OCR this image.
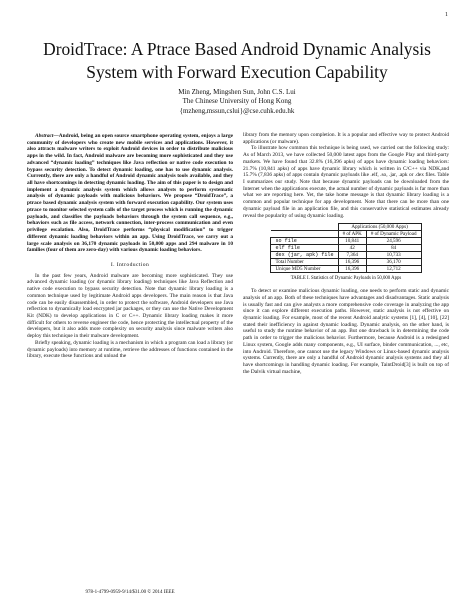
1
DroidTrace: A Ptrace Based Android Dynamic Analysis System with Forward Execution Capability
Min Zheng, Mingshen Sun, John C.S. Lui
The Chinese University of Hong Kong
{mzheng,mssun,cslui}@cse.cuhk.edu.hk

Abstract—Android, being an open source smartphone operating system, enjoys a large community of developers who create new mobile services and applications. However, it also attracts malware writers to exploit Android devices in order to distribute malicious apps in the wild. In fact, Android malware are becoming more sophisticated and they use advanced “dynamic loading” techniques like Java reflection or native code execution to bypass security detection. To detect dynamic loading, one has to use dynamic analysis. Currently, there are only a handful of Android dynamic analysis tools available, and they all have shortcomings in detecting dynamic loading. The aim of this paper is to design and implement a dynamic analysis system which allows analysts to perform systematic analysis of dynamic payloads with malicious behaviors. We propose “DroidTrace”, a ptrace based dynamic analysis system with forward execution capability. Our system uses ptrace to monitor selected system calls of the target process which is running the dynamic payloads, and classifies the payloads behaviors through the system call sequence, e.g., behaviors such as file access, network connection, inter-process communication and even privilege escalation. Also, DroidTrace performs “physical modification” to trigger different dynamic loading behaviors within an app. Using DroidTrace, we carry out a large scale analysis on 36,170 dynamic payloads in 50,000 apps and 294 malware in 10 families (four of them are zero-day) with various dynamic loading behaviors.

I. Introduction

In the past few years, Android malware are becoming more sophisticated. They use advanced dynamic loading (or dynamic library loading) techniques like Java Reflection and native code execution to bypass security detection. Note that dynamic library loading is a common technique used by legitimate Android apps developers. The main reason is that Java code can be easily disassembled, in order to protect the software, Android developers use Java reflection to dynamically load encrypted jar packages, or they can use the Native Development Kit (NDK) to develop applications in C or C++. Dynamic library loading makes it more difficult for others to reverse engineer the code, hence protecting the intellectual property of the developers, but it also adds more complexity on security analysis since malware writers also deploy this technique in their malware development.

Briefly speaking, dynamic loading is a mechanism in which a program can load a library (or dynamic payloads) into memory at runtime, retrieve the addresses of functions contained in the library, execute these functions and unload the

978-1-4799-0959-9/14/$31.00 © 2014 IEEE

library from the memory upon completion. It is a popular and effective way to protect Android applications (or malware).

To illustrate how common this technique is being used, we carried out the following study: As of March 2013, we have collected 50,000 latest apps from the Google Play and third-party markets. We have found that 32.8% (16,396 apks) of apps have dynamic loading behaviors: 21.7% (10,841 apks) of apps have dynamic library which is written in C/C++ via NDK,and 15.7% (7,836 apks) of apps contain dynamic payloads like .elf, .so, .jar, .apk or .dex files. Table I summarizes our study. Note that because dynamic payloads can be downloaded from the Internet when the applications execute, the actual number of dynamic payloads is far more than what we are reporting here. Yet, the take home message is that dynamic library loading is a common and popular technique for app development. Note that there can be more than one dynamic payload file in an application file, and this conservative statistical estimates already reveal the popularity of using dynamic loading.

	Applications (50,000 Apps)	
	# of APK	# of Dynamic Payload
so file	10,841	24,596
elf file	42	84
dex (jar, apk) file	7,364	10,733
Total Number	16,396	36,170
Unique MD5 Number	16,396	12,712
TABLE I. Statistics of Dynamic Payloads in 50,000 Apps

To detect or examine malicious dynamic loading, one needs to perform static and dynamic analysis of an app. Both of these techniques have advantages and disadvantages. Static analysis is usually fast and can give analysts a more comprehensive code coverage in analyzing the app since it can explore different execution paths. However, static analysis is not effective on dynamic loading. For example, most of the recent Android analytic systems [1], [4], [10], [22] stated their inefficiency in against dynamic loading. Dynamic analysis, on the other hand, is useful to study the runtime behavior of an app. But one drawback is in determining the code path in order to trigger the malicious behavior. Furthermore, because Android is a redesigned Linux system, Google adds many components, e.g., UI surface, binder communication, ..., etc, into Android. Therefore, one cannot use the legacy Windows or Linux-based dynamic analysis systems. Currently, there are only a handful of Android dynamic analysis systems and they all have shortcomings in handling dynamic loading. For example, TaintDroid[3] is built on top of the Dalvik virtual machine,
